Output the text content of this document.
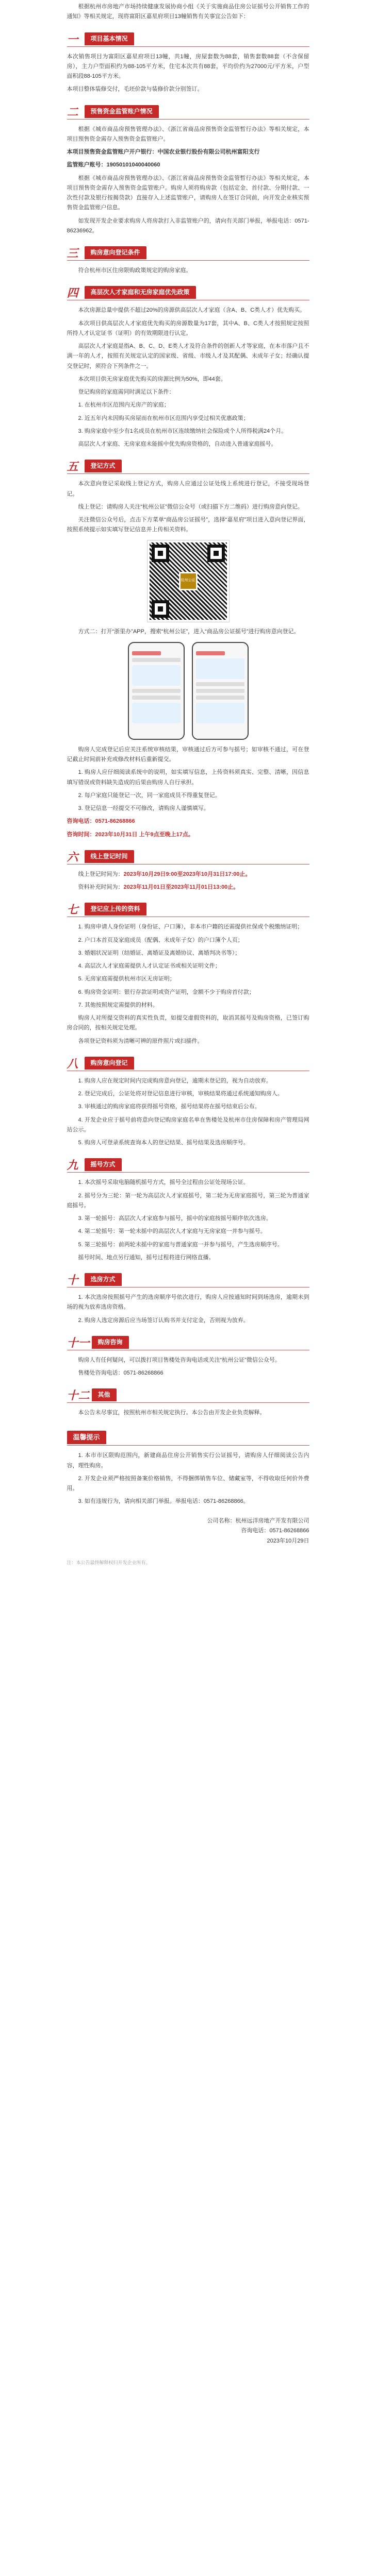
根据杭州市房地产市场持续健康发展协商小组《关于实施商品住房公证摇号公开销售工作的通知》等相关规定，现将富阳区嘉星府项目13幢销售有关事宜公告如下：

一	项目基本情况

本次销售项目为富阳区嘉星府项目13幢，共1幢，房屋套数为88套，销售套数88套（不含保留房），主力户型面积约为88-105平方米，住宅本次共有88套，平均价约为27000元/平方米，户型面积段88-105平方米。

本项目整体装修交付，毛坯价款与装修价款分别签订。

二	预售资金监管账户情况

根据《城市商品房预售管理办法》、《浙江省商品房预售资金监管暂行办法》等相关规定，本项目预售资金需存入预售资金监管账户。

本项目预售资金监管账户开户银行：中国农业银行股份有限公司杭州富阳支行

监管账户账号：19050101040040060

根据《城市商品房预售管理办法》、《浙江省商品房预售资金监管暂行办法》等相关规定，本项目预售资金需存入预售资金监管账户。购房人须将购房款（包括定金、首付款、分期付款、一次性付款及银行按揭贷款）直接存入上述监管账户，请购房人在签订合同前，向开发企业核实预售资金监管账户信息。

如发现开发企业要求购房人将房款打入非监管账户的，请向有关部门举报，举报电话：0571-86236962。

三	购房意向登记条件

符合杭州市区住房限购政策规定的购房家庭。

四	高层次人才家庭和无房家庭优先政策

本次房源总量中提供不超过20%的房源供高层次人才家庭（含A、B、C类人才）优先购买。

本次项目供高层次人才家庭优先购买的房源数量为17套，其中A、B、C类人才按照规定按照所持人才认定证书（证明）的有效期限进行认定。

高层次人才家庭是指A、B、C、D、E类人才及符合条件的创新人才等家庭，在本市落户且不满一年的人才，按照有关规定认定的国家级、省级、市级人才及其配偶、未成年子女；经确认提交登记时，须符合下列条件之一。

本次项目供无房家庭优先购买的房源比例为50%，即44套。

登记购房的家庭需同时满足以下条件：

1. 在杭州市区范围内无房产的家庭；

2. 近五年内未因购买房屋而在杭州市区范围内享受过相关优惠政策；

3. 购房家庭中至少有1名成员在杭州市区连续缴纳社会保险或个人所得税满24个月。

高层次人才家庭、无房家庭未能摇中优先购房资格的，自动进入普通家庭摇号。

五	登记方式

本次意向登记采取线上登记方式，购房人应通过公证处线上系统进行登记，不接受现场登记。

线上登记：请购房人关注“杭州公证”微信公众号（或扫描下方二维码）进行购房意向登记。

关注微信公众号后，点击下方菜单“商品房公证摇号”，选择“嘉星府”项目进入意向登记界面，按照系统提示如实填写登记信息并上传相关资料。

杭州公证

方式二：打开“浙里办”APP，搜索“杭州公证”，进入“商品房公证摇号”进行购房意向登记。

购房人完成登记后应关注系统审核结果，审核通过后方可参与摇号；如审核不通过，可在登记截止时间前补充或修改材料后重新提交。

1. 购房人应仔细阅读系统中的说明，如实填写信息，上传资料须真实、完整、清晰，因信息填写错误或资料缺失造成的后果由购房人自行承担。

2. 每户家庭只能登记一次，同一家庭成员不得重复登记。

3. 登记信息一经提交不可修改，请购房人谨慎填写。

咨询电话：0571-86268866

咨询时间：2023年10月31日 上午9点至晚上17点。

六	线上登记时间

线上登记时间为：2023年10月29日9:00至2023年10月31日17:00止。

资料补充时间为：2023年11月01日至2023年11月01日13:00止。

七	登记应上传的资料

1. 购房申请人身份证明（身份证、户口簿），非本市户籍的还需提供社保或个税缴纳证明；

2. 户口本首页及家庭成员（配偶、未成年子女）的户口簿个人页；

3. 婚姻状况证明（结婚证、离婚证及离婚协议、离婚判决书等）；

4. 高层次人才家庭需提供人才认定证书或相关证明文件；

5. 无房家庭需提供杭州市区无房证明；

6. 购房资金证明：银行存款证明或资产证明，金额不少于购房首付款；

7. 其他按照规定需提供的材料。

购房人对所提交资料的真实性负责，如提交虚假资料的，取消其摇号及购房资格，已签订购房合同的，按相关规定处理。

各项登记资料须为清晰可辨的原件照片或扫描件。

八	购房意向登记

1. 购房人应在规定时间内完成购房意向登记，逾期未登记的，视为自动放弃。

2. 登记完成后，公证处将对登记信息进行审核，审核结果将通过系统通知购房人。

3. 审核通过的购房家庭将获得摇号资格，摇号结果将在摇号结束后公布。

4. 开发企业应于摇号前将意向登记购房家庭名单在售楼处及杭州市住房保障和房产管理局网站公示。

5. 购房人可登录系统查询本人的登记结果、摇号结果及选房顺序号。

九	摇号方式

1. 本次摇号采取电脑随机摇号方式，摇号全过程由公证处现场公证。

2. 摇号分为三轮：第一轮为高层次人才家庭摇号，第二轮为无房家庭摇号，第三轮为普通家庭摇号。

3. 第一轮摇号：高层次人才家庭参与摇号，摇中的家庭按摇号顺序依次选房。

4. 第二轮摇号：第一轮未摇中的高层次人才家庭与无房家庭一并参与摇号。

5. 第三轮摇号：前两轮未摇中的家庭与普通家庭一并参与摇号，产生选房顺序号。

摇号时间、地点另行通知，摇号过程将进行网络直播。

十	选房方式

1. 本次选房按照摇号产生的选房顺序号依次进行，购房人应按通知时间到场选房，逾期未到场的视为放弃选房资格。

2. 购房人选定房源后应当场签订认购书并支付定金，否则视为放弃。

十一	购房咨询

购房人有任何疑问，可以拨打项目售楼处咨询电话或关注“杭州公证”微信公众号。

售楼处咨询电话：0571-86268866

十二	其他

本公告未尽事宜，按照杭州市相关规定执行。本公告由开发企业负责解释。

温馨提示

1. 本市市区限购范围内，新建商品住房公开销售实行公证摇号，请购房人仔细阅读公告内容，理性购房。

2. 开发企业须严格按照备案价格销售，不得捆绑销售车位、储藏室等，不得收取任何价外费用。

3. 如有违规行为，请向相关部门举报。举报电话：0571-86268866。

公司名称：杭州远洋房地产开发有限公司
咨询电话：0571-86268866
2023年10月29日

注：本公告最终解释权归开发企业所有。
